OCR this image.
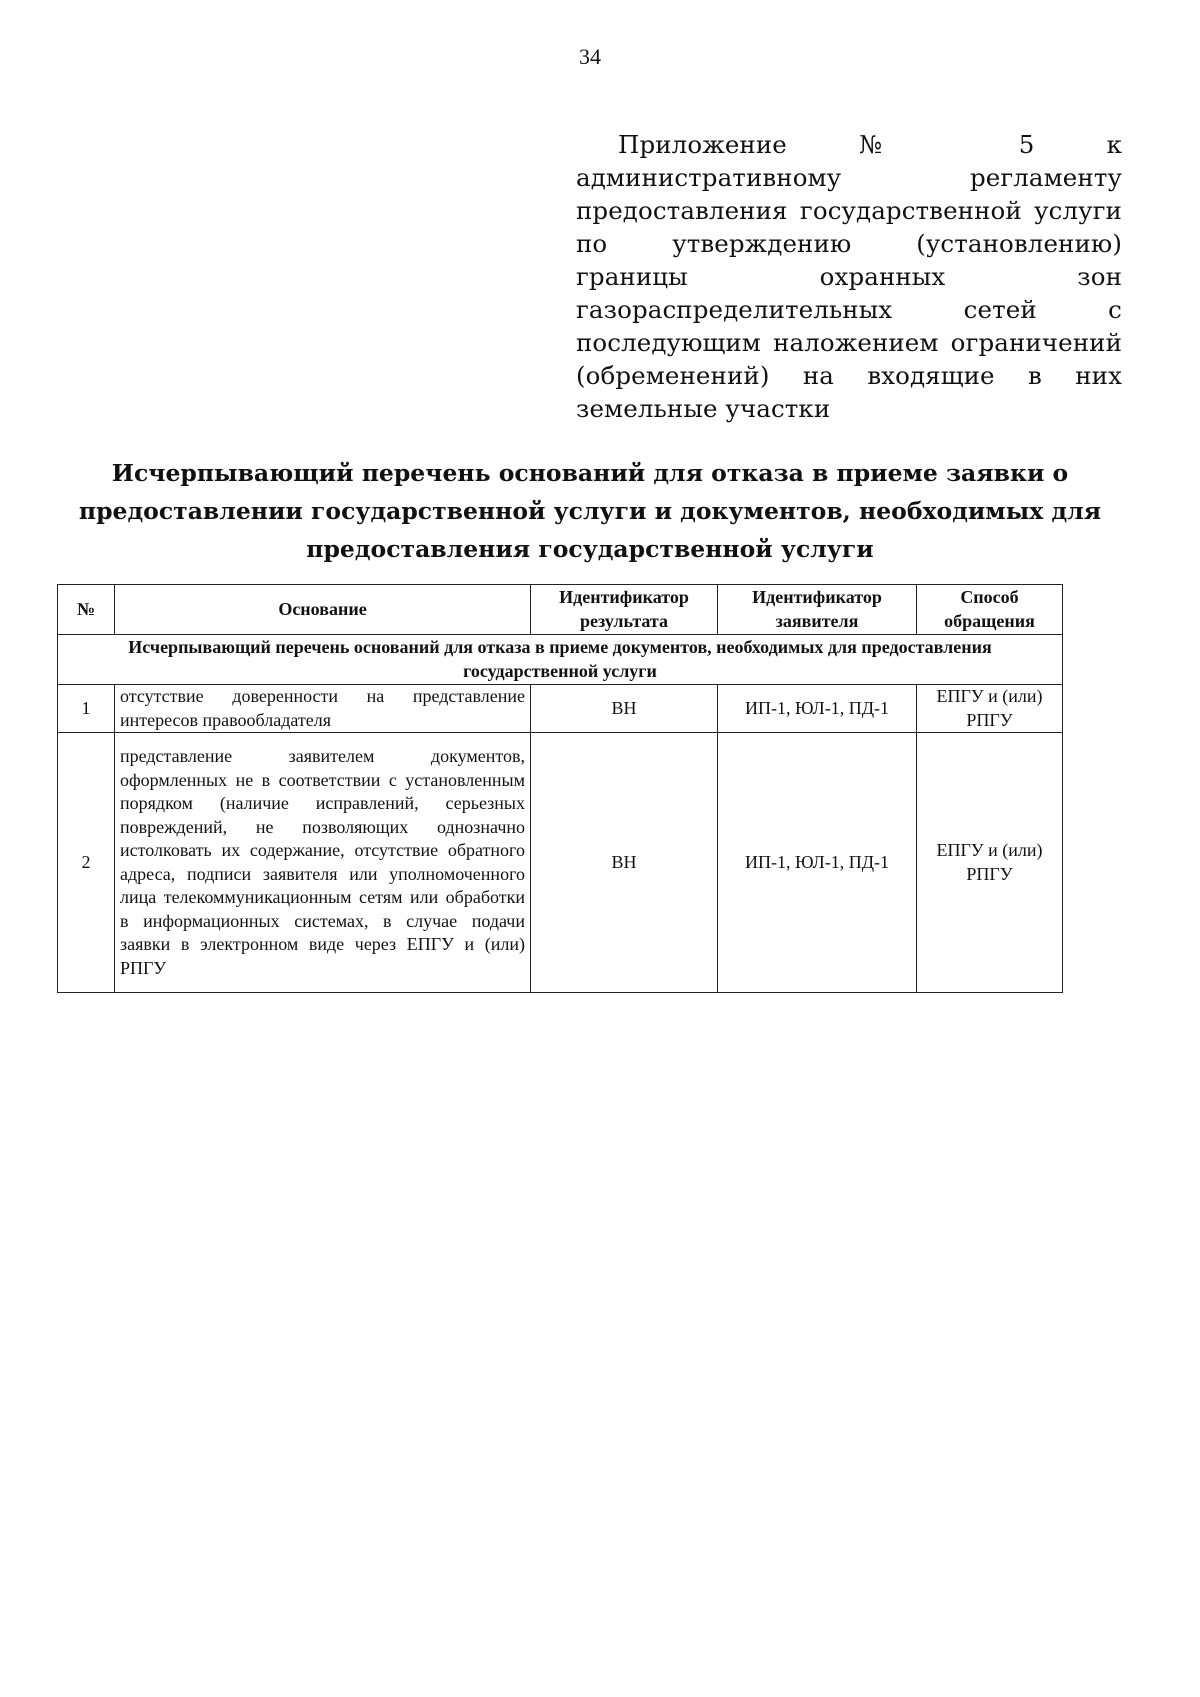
34
Приложение № 5 к административному регламенту предоставления государственной услуги по утверждению (установлению) границы охранных зон газораспределительных сетей с последующим наложением ограничений (обременений) на входящие в них земельные участки
Исчерпывающий перечень оснований для отказа в приеме заявки о предоставлении государственной услуги и документов, необходимых для предоставления государственной услуги
№	Основание	Идентификатор результата	Идентификатор заявителя	Способ обращения
Исчерпывающий перечень оснований для отказа в приеме документов, необходимых для предоставления государственной услуги				
1	отсутствие доверенности на представление интересов правообладателя	ВН	ИП-1, ЮЛ-1, ПД-1	ЕПГУ и (или) РПГУ
2	представление заявителем документов, оформленных не в соответствии с установленным порядком (наличие исправлений, серьезных повреждений, не позволяющих однозначно истолковать их содержание, отсутствие обратного адреса, подписи заявителя или уполномоченного лица телекоммуникационным сетям или обработки в информационных системах, в случае подачи заявки в электронном виде через ЕПГУ и (или) РПГУ	ВН	ИП-1, ЮЛ-1, ПД-1	ЕПГУ и (или) РПГУ
